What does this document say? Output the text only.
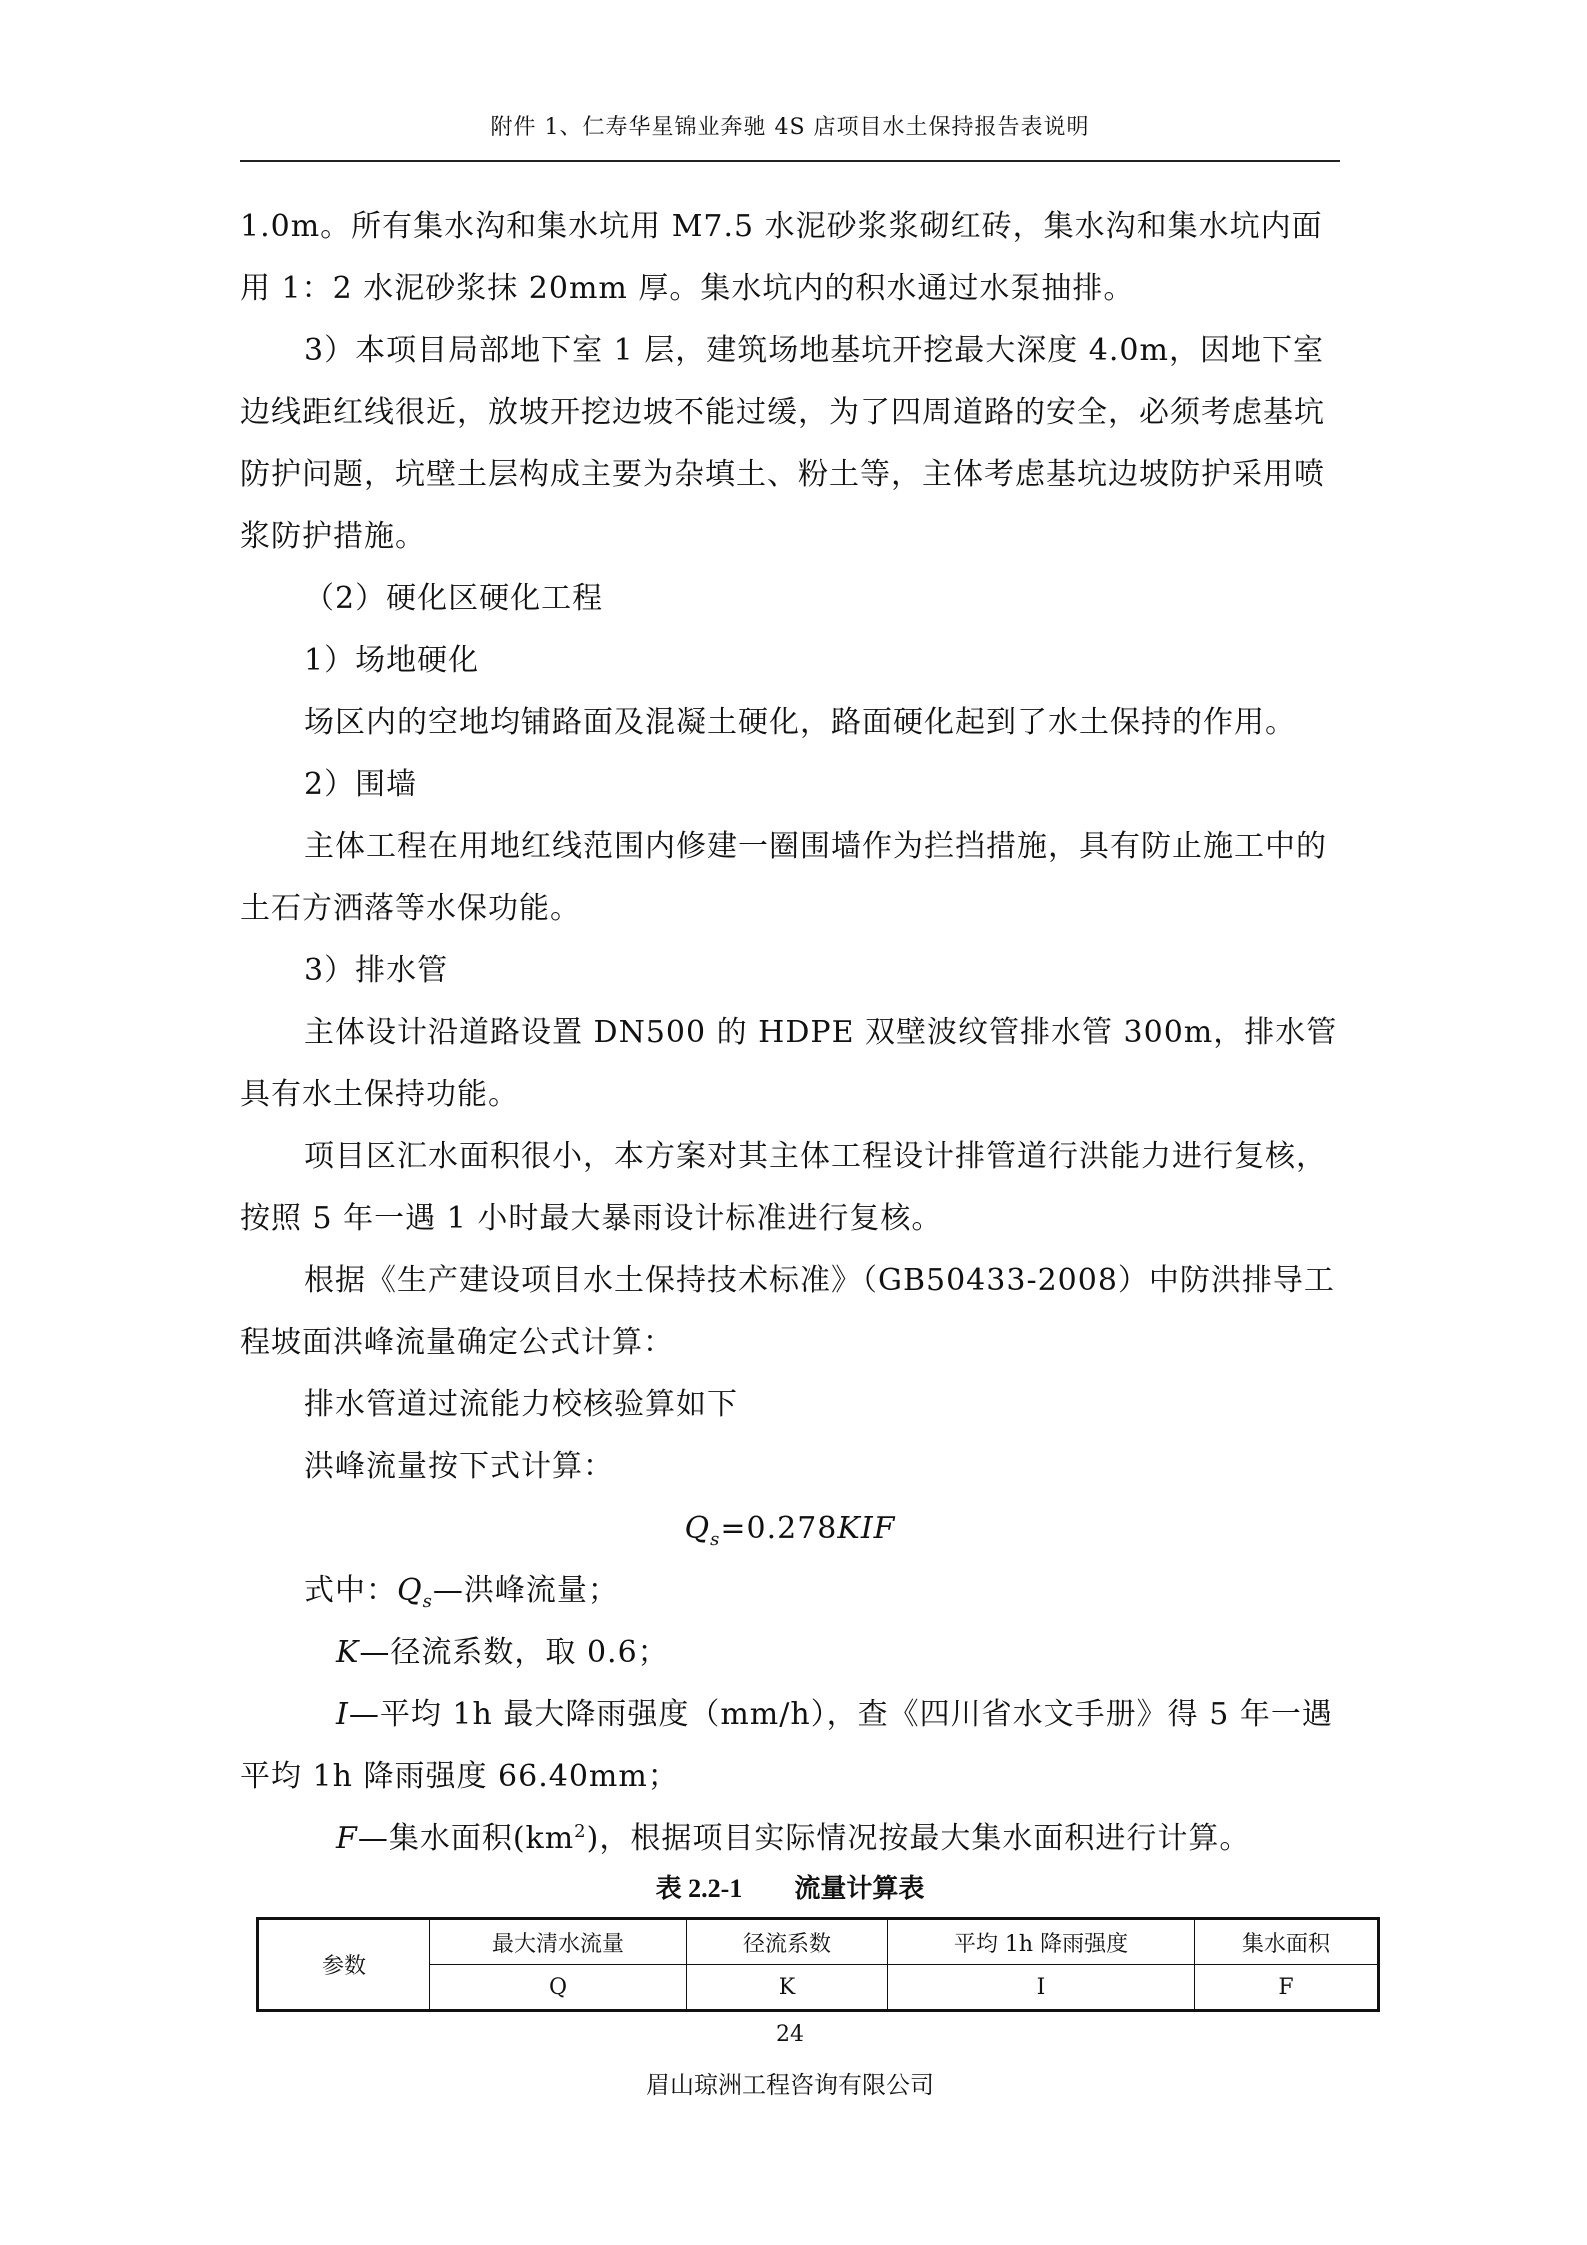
附件 1、仁寿华星锦业奔驰 4S 店项目水土保持报告表说明

1.0m。所有集水沟和集水坑用 M7.5 水泥砂浆浆砌红砖，集水沟和集水坑内面用 1：2 水泥砂浆抹 20mm 厚。集水坑内的积水通过水泵抽排。

3）本项目局部地下室 1 层，建筑场地基坑开挖最大深度 4.0m，因地下室边线距红线很近，放坡开挖边坡不能过缓，为了四周道路的安全，必须考虑基坑防护问题，坑壁土层构成主要为杂填土、粉土等，主体考虑基坑边坡防护采用喷浆防护措施。

（2）硬化区硬化工程

1）场地硬化

场区内的空地均铺路面及混凝土硬化，路面硬化起到了水土保持的作用。

2）围墙

主体工程在用地红线范围内修建一圈围墙作为拦挡措施，具有防止施工中的土石方洒落等水保功能。

3）排水管

主体设计沿道路设置 DN500 的 HDPE 双壁波纹管排水管 300m，排水管具有水土保持功能。

项目区汇水面积很小，本方案对其主体工程设计排管道行洪能力进行复核，按照 5 年一遇 1 小时最大暴雨设计标准进行复核。

根据《生产建设项目水土保持技术标准》（GB50433-2008）中防洪排导工程坡面洪峰流量确定公式计算：

排水管道过流能力校核验算如下

洪峰流量按下式计算：

$Q_s=0.278KIF$

式中：$Q_s—$洪峰流量；

K—径流系数，取 0.6；

I—平均 1h 最大降雨强度（mm/h），查《四川省水文手册》得 5 年一遇平均 1h 降雨强度 66.40mm；

F—集水面积$(km^2)$，根据项目实际情况按最大集水面积进行计算。

表 2.2-1　　流量计算表
参数	最大清水流量	径流系数	平均 1h 降雨强度	集水面积
	Q	K	I	F
24
眉山琼洲工程咨询有限公司
